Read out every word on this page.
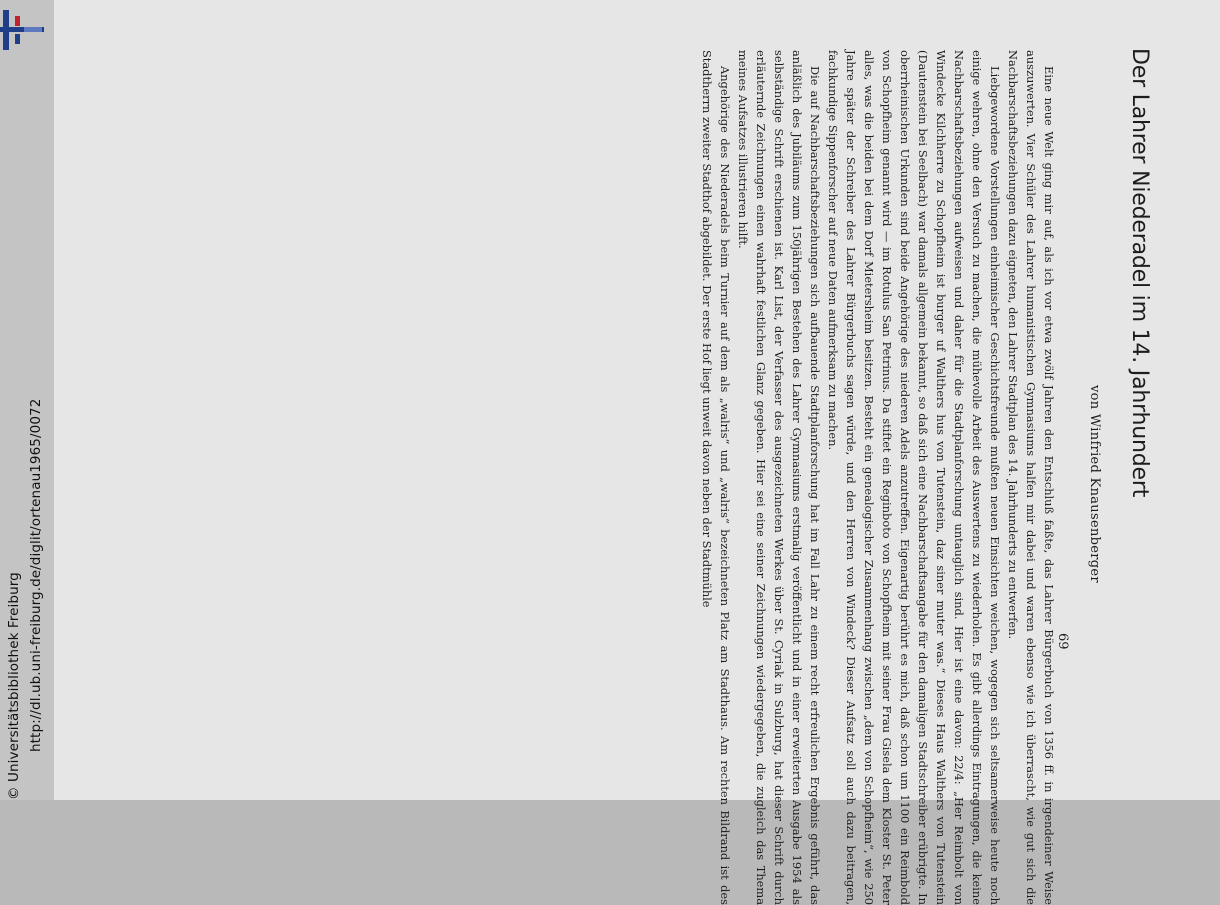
http://dl.ub.uni-freiburg.de/diglit/ortenau1965/0072

© Universitätsbibliothek Freiburg

Der Lahrer Niederadel im 14. Jahrhundert

von Winfried Knausenberger

69

Eine neue Welt ging mir auf, als ich vor etwa zwölf Jahren den Entschluß faßte, das Lahrer Bürgerbuch von 1356 ff. in irgendeiner Weise auszuwerten. Vier Schüler des Lahrer humanistischen Gymnasiums halfen mir dabei und waren ebenso wie ich überrascht, wie gut sich die Nachbarschaftsbeziehungen dazu eigneten, den Lahrer Stadtplan des 14. Jahrhunderts zu entwerfen.

Liebgewordene Vorstellungen einheimischer Geschichtsfreunde mußten neuen Einsichten weichen, wogegen sich seltsamerweise heute noch einige wehren, ohne den Versuch zu machen, die mühevolle Arbeit des Auswertens zu wiederholen. Es gibt allerdings Eintragungen, die keine Nachbarschaftsbeziehungen aufweisen und daher für die Stadtplanforschung untauglich sind. Hier ist eine davon: 22/4: „Her Reimbolt von Windecke Kilchherre zu Schopfheim ist burger uf Walthers hus von Tutenstein, daz siner muter was.“ Dieses Haus Walthers von Tutenstein (Dautenstein bei Seelbach) war damals allgemein bekannt, so daß sich eine Nachbarschaftsangabe für den damaligen Stadtschreiber erübrigte. In oberrheinischen Urkunden sind beide Angehörige des niederen Adels anzutreffen. Eigenartig berührt es mich, daß schon um 1100 ein Reimbold von Schopfheim genannt wird — im Rotulus San Petrinus. Da stiftet ein Reginboto von Schopfheim mit seiner Frau Gisela dem Kloster St. Peter alles, was die beiden bei dem Dorf Mietersheim besitzen. Besteht ein genealogischer Zusammenhang zwischen „dem von Schopfheim“, wie 250 Jahre später der Schreiber des Lahrer Bürgerbuchs sagen würde, und den Herren von Windeck? Dieser Aufsatz soll auch dazu beitragen, fachkundige Sippenforscher auf neue Daten aufmerksam zu machen.

Die auf Nachbarschaftsbeziehungen sich aufbauende Stadtplanforschung hat im Fall Lahr zu einem recht erfreulichen Ergebnis geführt, das anläßlich des Jubiläums zum 150jährigen Bestehen des Lahrer Gymnasiums erstmalig veröffentlicht und in einer erweiterten Ausgabe 1954 als selbständige Schrift erschienen ist. Karl List, der Verfasser des ausgezeichneten Werkes über St. Cyriak in Sulzburg, hat dieser Schrift durch erläuternde Zeichnungen einen wahrhaft festlichen Glanz gegeben. Hier sei eine seiner Zeichnungen wiedergegeben, die zugleich das Thema meines Aufsatzes illustrieren hilft.

Angehörige des Niederadels beim Turnier auf dem als „walris“ und „walris“ bezeichneten Platz am Stadthaus. Am rechten Bildrand ist des Stadtherrn zweiter Stadthof abgebildet. Der erste Hof liegt unweit davon neben der Stadtmühle
